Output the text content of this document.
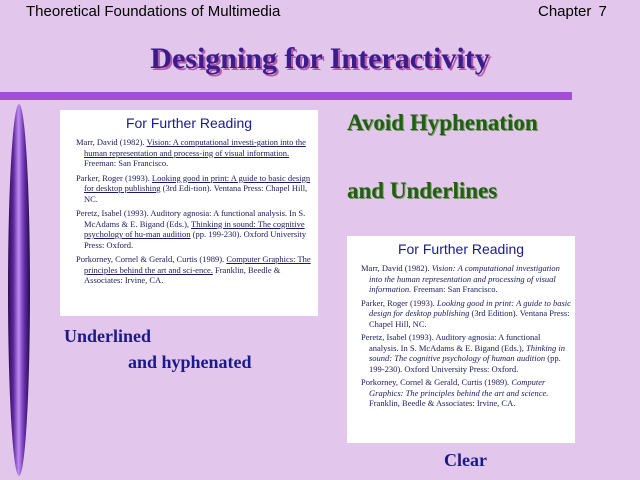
Theoretical Foundations of Multimedia	Chapter 7
Designing for Interactivity
For Further Reading
Marr, David (1982). Vision: A computational investi-gation into the human representation and process-ing of visual information. Freeman: San Francisco.
Parker, Roger (1993). Looking good in print: A guide to basic design for desktop publishing (3rd Edi-tion). Ventana Press: Chapel Hill, NC.
Peretz, Isabel (1993). Auditory agnosia: A functional analysis. In S. McAdams & E. Bigand (Eds.), Thinking in sound: The cognitive psychology of hu-man audition (pp. 199-230). Oxford University Press: Oxford.
Porkorney, Cornel & Gerald, Curtis (1989). Computer Graphics: The principles behind the art and sci-ence. Franklin, Beedle & Associates: Irvine, CA.
Avoid Hyphenation
and Underlines
For Further Reading
Marr, David (1982). Vision: A computational investigation into the human representation and processing of visual information. Freeman: San Francisco.
Parker, Roger (1993). Looking good in print: A guide to basic design for desktop publishing (3rd Edition). Ventana Press: Chapel Hill, NC.
Peretz, Isabel (1993). Auditory agnosia: A functional analysis. In S. McAdams & E. Bigand (Eds.), Thinking in sound: The cognitive psychology of human audition (pp. 199-230). Oxford University Press: Oxford.
Porkorney, Cornel & Gerald, Curtis (1989). Computer Graphics: The principles behind the art and science. Franklin, Beedle & Associates: Irvine, CA.
Underlined
and hyphenated
Clear
